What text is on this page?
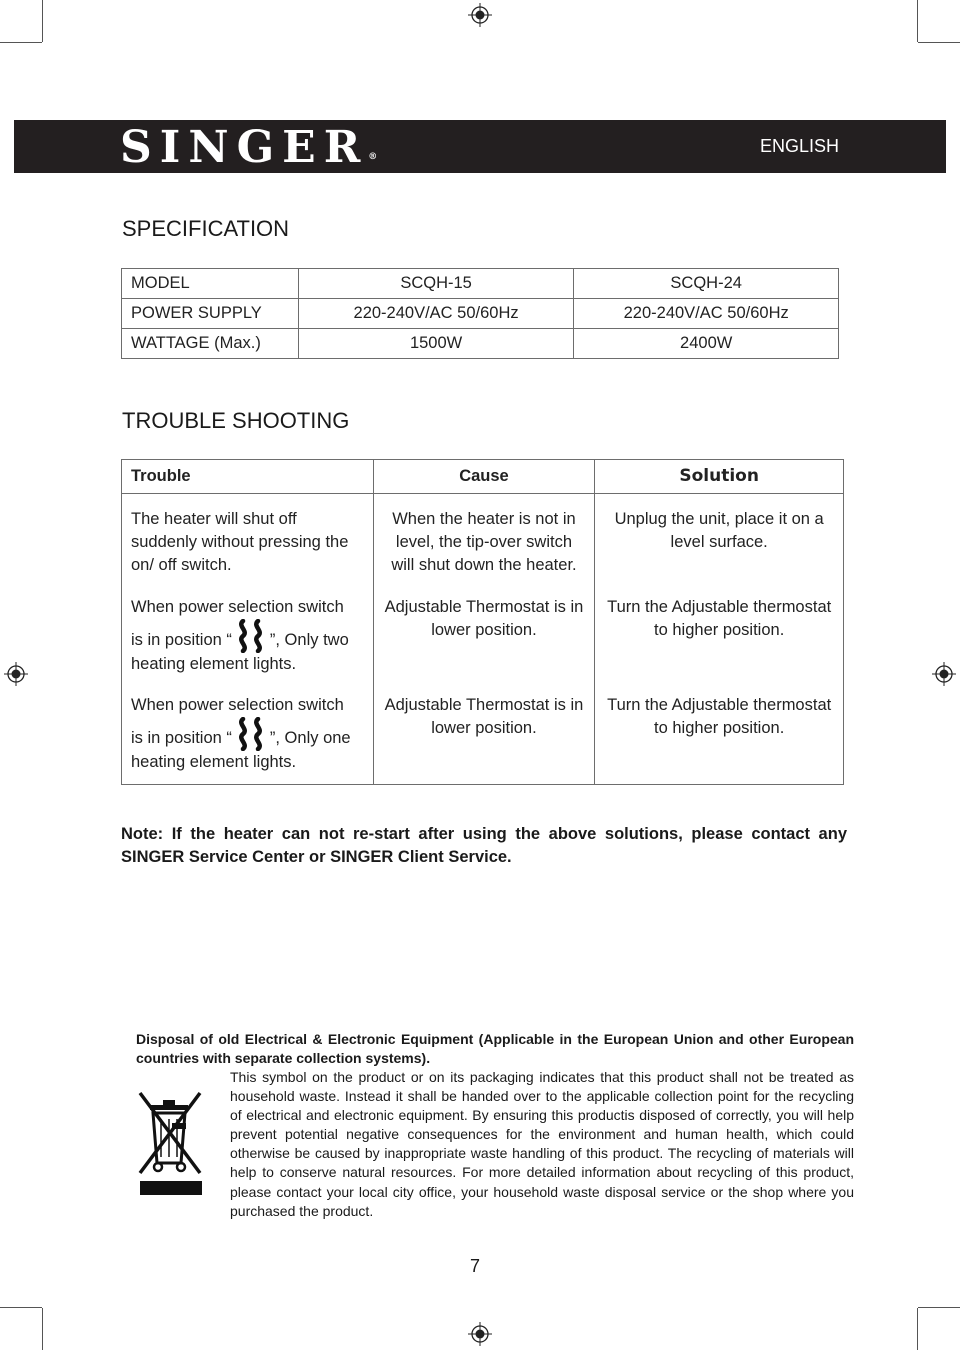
SINGER®
ENGLISH
SPECIFICATION
MODEL	SCQH-15	SCQH-24
POWER SUPPLY	220-240V/AC 50/60Hz	220-240V/AC 50/60Hz
WATTAGE (Max.)	1500W	2400W
TROUBLE SHOOTING
Trouble	Cause	Solution
The heater will shut off suddenly without pressing the on/ off switch.	When the heater is not in level, the tip-over switch will shut down the heater.	Unplug the unit, place it on a level surface.

When power selection switch
is in position “ ”, Only two
heating element lights.	Adjustable Thermostat is in lower position.	Turn the Adjustable thermostat to higher position.

When power selection switch
is in position “ ”, Only one
heating element lights.	Adjustable Thermostat is in lower position.	Turn the Adjustable thermostat to higher position.
Note: If the heater can not re-start after using the above solutions, please contact any SINGER Service Center or SINGER Client Service.
Disposal of old Electrical & Electronic Equipment (Applicable in the European Union and other European countries with separate collection systems).
This symbol on the product or on its packaging indicates that this product shall not be treated as household waste. Instead it shall be handed over to the applicable collection point for the recycling of electrical and electronic equipment. By ensuring this productis disposed of correctly, you will help prevent potential negative consequences for the environment and human health, which could otherwise be caused by inappropriate waste handling of this product. The recycling of materials will help to conserve natural resources. For more detailed information about recycling of this product, please contact your local city office, your household waste disposal service or the shop where you purchased the product.
7
